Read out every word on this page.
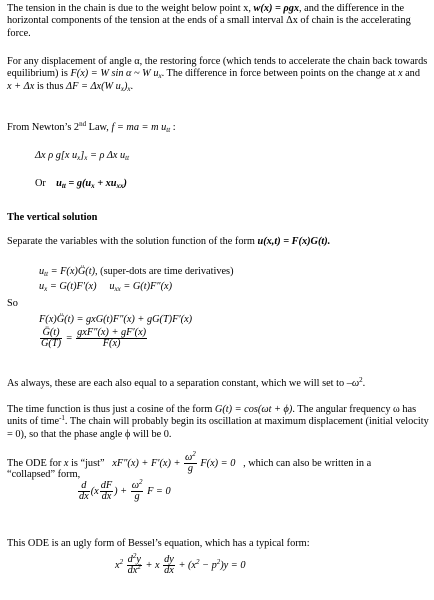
The tension in the chain is due to the weight below point x, w(x) = ρgx, and the difference in the horizontal components of the tension at the ends of a small interval Δx of chain is the accelerating force.

For any displacement of angle α, the restoring force (which tends to accelerate the chain back towards equilibrium) is F(x) = W sin α ~ W $u_x$. The difference in force between points on the change at x and
x + Δx is thus ΔF = Δx(W $u_x)_x$.

From Newton’s 2nd Law, f = ma = m $u_{tt}$ :

Δx ρ g[x $u_x]_x = \rho$ Δx $u_{tt}$
Or $u_{tt} = g(u_x + xu_{xx})$
The vertical solution
Separate the variables with the solution function of the form u(x,t) = F(x)G(t).
$u_{tt}$ = F(x)G̈(t), (super-dots are time derivatives)
$u_x = G(t)F'(x) u_{xx} = G(t)F''(x)$
So
F(x)G̈(t) = gxG(t)F″(x) + gG(T)F′(x)
$\frac{G̈(t)}{G(T)} = \frac{\text{gxF″(x) + gF′(x)}}{F(x)}$
As always, these are each also equal to a separation constant, which we will set to $-\omega^2$.

The time function is thus just a cosine of the form G(t) = cos(ωt + ϕ). The angular frequency ω has units of time$^{-1}$. The chain will probably begin its oscillation at maximum displacement (initial velocity = 0), so that the phase angle ϕ will be 0.

The ODE for x is “just” $xF''(x) + F'(x) + \frac{\omega^2}{g} F(x) = 0$ , which can also be written in a
“collapsed” form,
$\frac{d}{dx} (x \frac{dF}{dx}$ ) + $\frac{\omega^2}{g}$ F = 0
This ODE is an ugly form of Bessel’s equation, which has a typical form:
$x^2 \frac{d^2y}{dx^2} + x \frac{dy}{dx} + (x^2 - p^2)y = 0$
